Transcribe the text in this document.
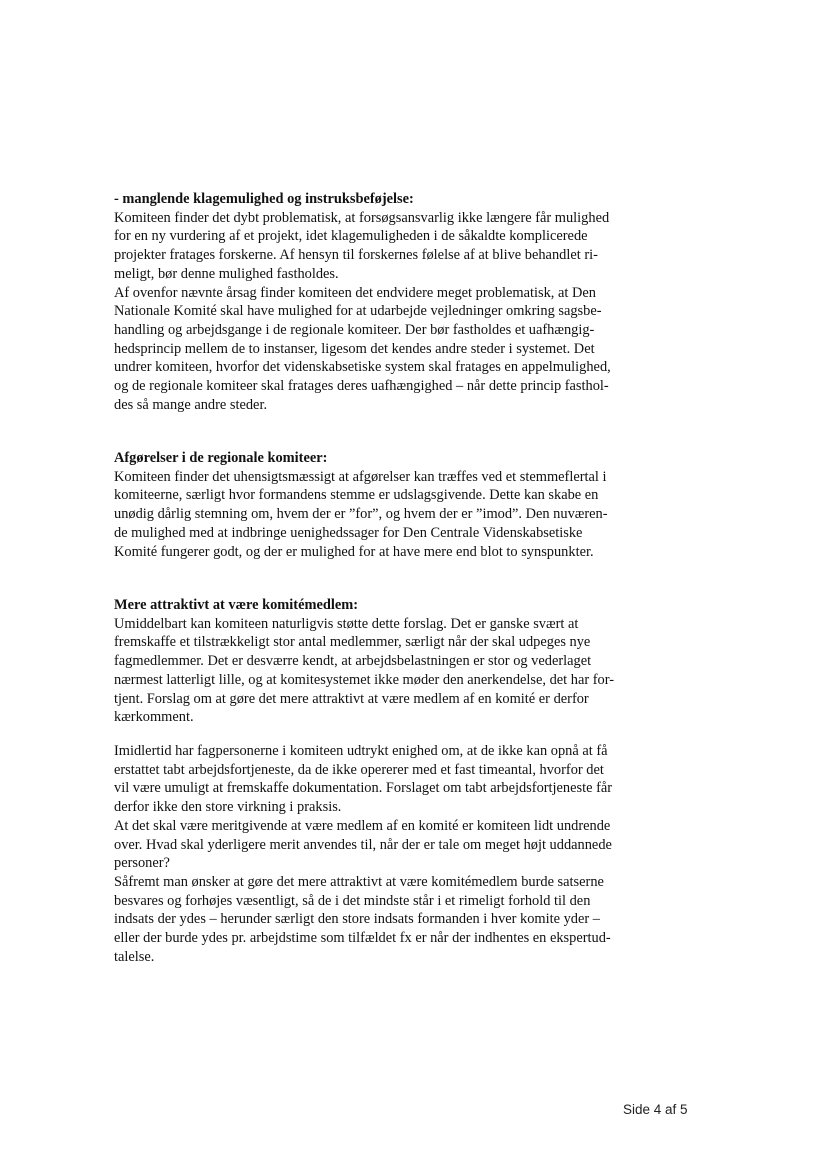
- manglende klagemulighed og instruksbeføjelse:
Komiteen finder det dybt problematisk, at forsøgsansvarlig ikke længere får mulighed
for en ny vurdering af et projekt, idet klagemuligheden i de såkaldte komplicerede
projekter fratages forskerne. Af hensyn til forskernes følelse af at blive behandlet ri-
meligt, bør denne mulighed fastholdes.
Af ovenfor nævnte årsag finder komiteen det endvidere meget problematisk, at Den
Nationale Komité skal have mulighed for at udarbejde vejledninger omkring sagsbe-
handling og arbejdsgange i de regionale komiteer. Der bør fastholdes et uafhængig-
hedsprincip mellem de to instanser, ligesom det kendes andre steder i systemet. Det
undrer komiteen, hvorfor det videnskabsetiske system skal fratages en appelmulighed,
og de regionale komiteer skal fratages deres uafhængighed – når dette princip fasthol-
des så mange andre steder.
Afgørelser i de regionale komiteer:
Komiteen finder det uhensigtsmæssigt at afgørelser kan træffes ved et stemmeflertal i
komiteerne, særligt hvor formandens stemme er udslagsgivende. Dette kan skabe en
unødig dårlig stemning om, hvem der er ”for”, og hvem der er ”imod”. Den nuværen-
de mulighed med at indbringe uenighedssager for Den Centrale Videnskabsetiske
Komité fungerer godt, og der er mulighed for at have mere end blot to synspunkter.
Mere attraktivt at være komitémedlem:
Umiddelbart kan komiteen naturligvis støtte dette forslag. Det er ganske svært at
fremskaffe et tilstrækkeligt stor antal medlemmer, særligt når der skal udpeges nye
fagmedlemmer. Det er desværre kendt, at arbejdsbelastningen er stor og vederlaget
nærmest latterligt lille, og at komitesystemet ikke møder den anerkendelse, det har for-
tjent. Forslag om at gøre det mere attraktivt at være medlem af en komité er derfor
kærkomment.
Imidlertid har fagpersonerne i komiteen udtrykt enighed om, at de ikke kan opnå at få
erstattet tabt arbejdsfortjeneste, da de ikke opererer med et fast timeantal, hvorfor det
vil være umuligt at fremskaffe dokumentation. Forslaget om tabt arbejdsfortjeneste får
derfor ikke den store virkning i praksis.
At det skal være meritgivende at være medlem af en komité er komiteen lidt undrende
over. Hvad skal yderligere merit anvendes til, når der er tale om meget højt uddannede
personer?
Såfremt man ønsker at gøre det mere attraktivt at være komitémedlem burde satserne
besvares og forhøjes væsentligt, så de i det mindste står i et rimeligt forhold til den
indsats der ydes – herunder særligt den store indsats formanden i hver komite yder –
eller der burde ydes pr. arbejdstime som tilfældet fx er når der indhentes en ekspertud-
talelse.
Side 4 af 5
